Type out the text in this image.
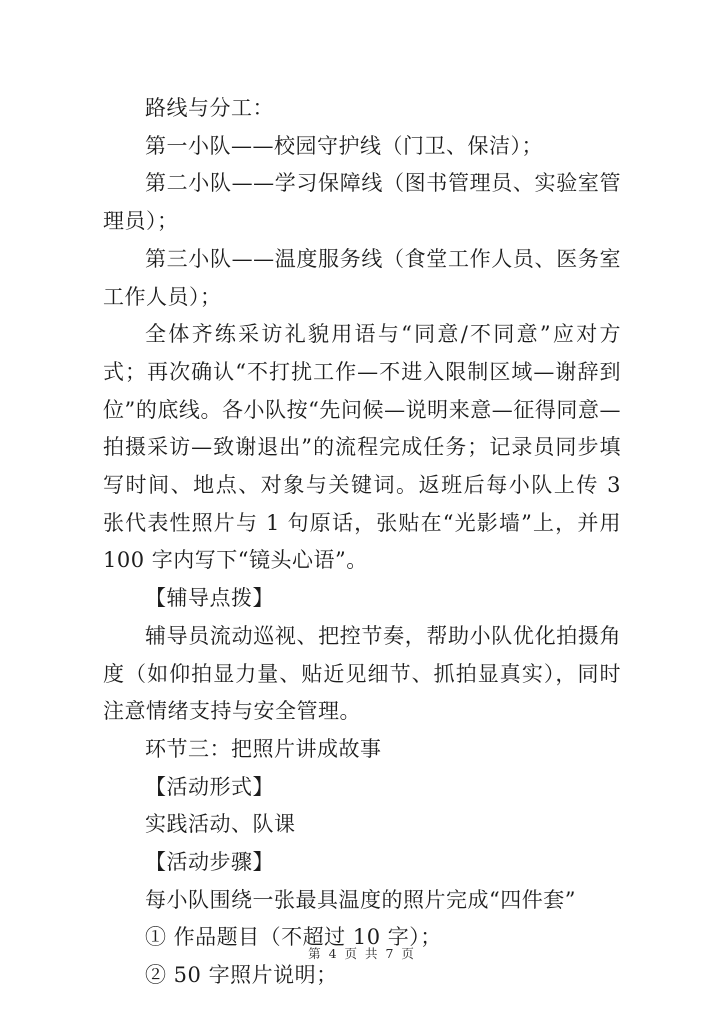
路线与分工：

第一小队——校园守护线（门卫、保洁）；

第二小队——学习保障线（图书管理员、实验室管理员）；

第三小队——温度服务线（食堂工作人员、医务室工作人员）；

全体齐练采访礼貌用语与“同意/不同意”应对方式；再次确认“不打扰工作—不进入限制区域—谢辞到位”的底线。各小队按“先问候—说明来意—征得同意—拍摄采访—致谢退出”的流程完成任务；记录员同步填写时间、地点、对象与关键词。返班后每小队上传 3 张代表性照片与 1 句原话，张贴在“光影墙”上，并用 100 字内写下“镜头心语”。

【辅导点拨】

辅导员流动巡视、把控节奏，帮助小队优化拍摄角度（如仰拍显力量、贴近见细节、抓拍显真实），同时注意情绪支持与安全管理。

环节三：把照片讲成故事

【活动形式】

实践活动、队课

【活动步骤】

每小队围绕一张最具温度的照片完成“四件套”

① 作品题目（不超过 10 字）；

② 50 字照片说明；

第 4 页 共 7 页
